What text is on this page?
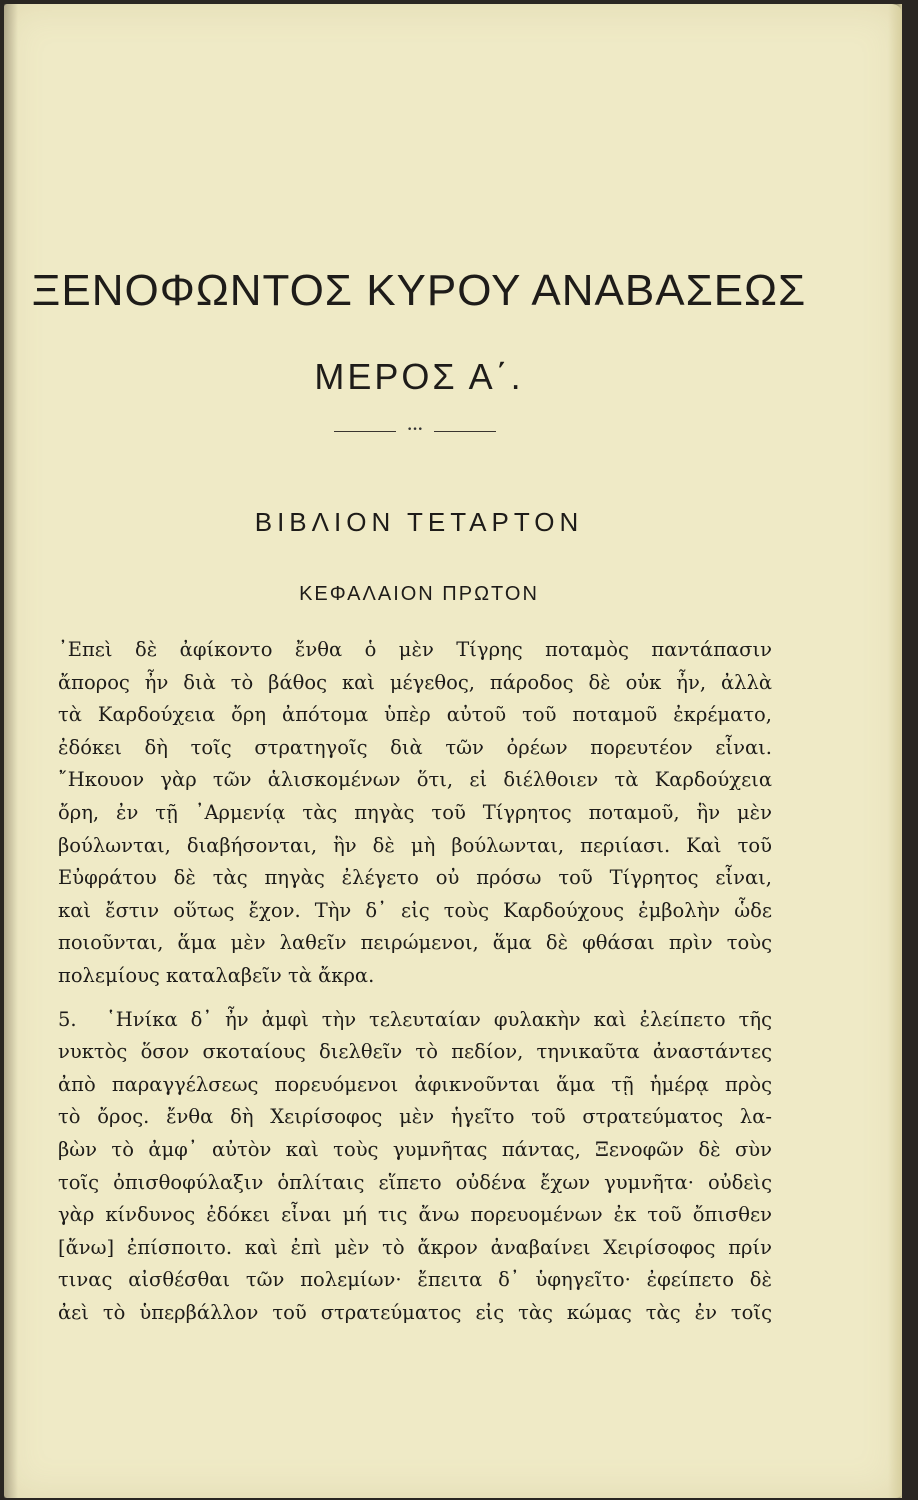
ΞΕΝΟΦΩΝΤΟΣ ΚΥΡΟΥ ΑΝΑΒΑΣΕΩΣ
ΜΕΡΟΣ Α΄.
•••
ΒΙΒΛΙΟΝ ΤΕΤΑΡΤΟΝ
ΚΕΦΑΛΑΙΟΝ ΠΡΩΤΟΝ
᾿Επεὶ δὲ ἀφίκοντο ἔνθα ὁ μὲν Τίγρης ποταμὸς παντάπασιν
ἄπορος ἦν διὰ τὸ βάθος καὶ μέγεθος, πάροδος δὲ οὐκ ἦν, ἀλλὰ
τὰ Καρδούχεια ὄρη ἀπότομα ὑπὲρ αὐτοῦ τοῦ ποταμοῦ ἐκρέματο,
ἐδόκει δὴ τοῖς στρατηγοῖς διὰ τῶν ὀρέων πορευτέον εἶναι.
῎Ηκουον γὰρ τῶν ἁλισκομένων ὅτι, εἰ διέλθοιεν τὰ Καρδούχεια
ὄρη, ἐν τῇ ᾿Αρμενίᾳ τὰς πηγὰς τοῦ Τίγρητος ποταμοῦ, ἣν μὲν
βούλωνται, διαβήσονται, ἣν δὲ μὴ βούλωνται, περιίασι. Καὶ τοῦ
Εὐφράτου δὲ τὰς πηγὰς ἐλέγετο οὐ πρόσω τοῦ Τίγρητος εἶναι,
καὶ ἔστιν οὕτως ἔχον. Τὴν δ᾿ εἰς τοὺς Καρδούχους ἐμβολὴν ὧδε
ποιοῦνται, ἅμα μὲν λαθεῖν πειρώμενοι, ἅμα δὲ φθάσαι πρὶν τοὺς
πολεμίους καταλαβεῖν τὰ ἄκρα.
5. ῾Ηνίκα δ᾿ ἦν ἀμφὶ τὴν τελευταίαν φυλακὴν καὶ ἐλείπετο τῆς
νυκτὸς ὅσον σκοταίους διελθεῖν τὸ πεδίον, τηνικαῦτα ἀναστάντες
ἀπὸ παραγγέλσεως πορευόμενοι ἀφικνοῦνται ἅμα τῇ ἡμέρᾳ πρὸς
τὸ ὄρος. ἔνθα δὴ Χειρίσοφος μὲν ἡγεῖτο τοῦ στρατεύματος λα-
βὼν τὸ ἀμφ᾿ αὐτὸν καὶ τοὺς γυμνῆτας πάντας, Ξενοφῶν δὲ σὺν
τοῖς ὀπισθοφύλαξιν ὁπλίταις εἵπετο οὐδένα ἔχων γυμνῆτα· οὐδεὶς
γὰρ κίνδυνος ἐδόκει εἶναι μή τις ἄνω πορευομένων ἐκ τοῦ ὄπισθεν
[ἄνω] ἐπίσποιτο. καὶ ἐπὶ μὲν τὸ ἄκρον ἀναβαίνει Χειρίσοφος πρίν
τινας αἰσθέσθαι τῶν πολεμίων· ἔπειτα δ᾿ ὑφηγεῖτο· ἐφείπετο δὲ
ἀεὶ τὸ ὑπερβάλλον τοῦ στρατεύματος εἰς τὰς κώμας τὰς ἐν τοῖς
